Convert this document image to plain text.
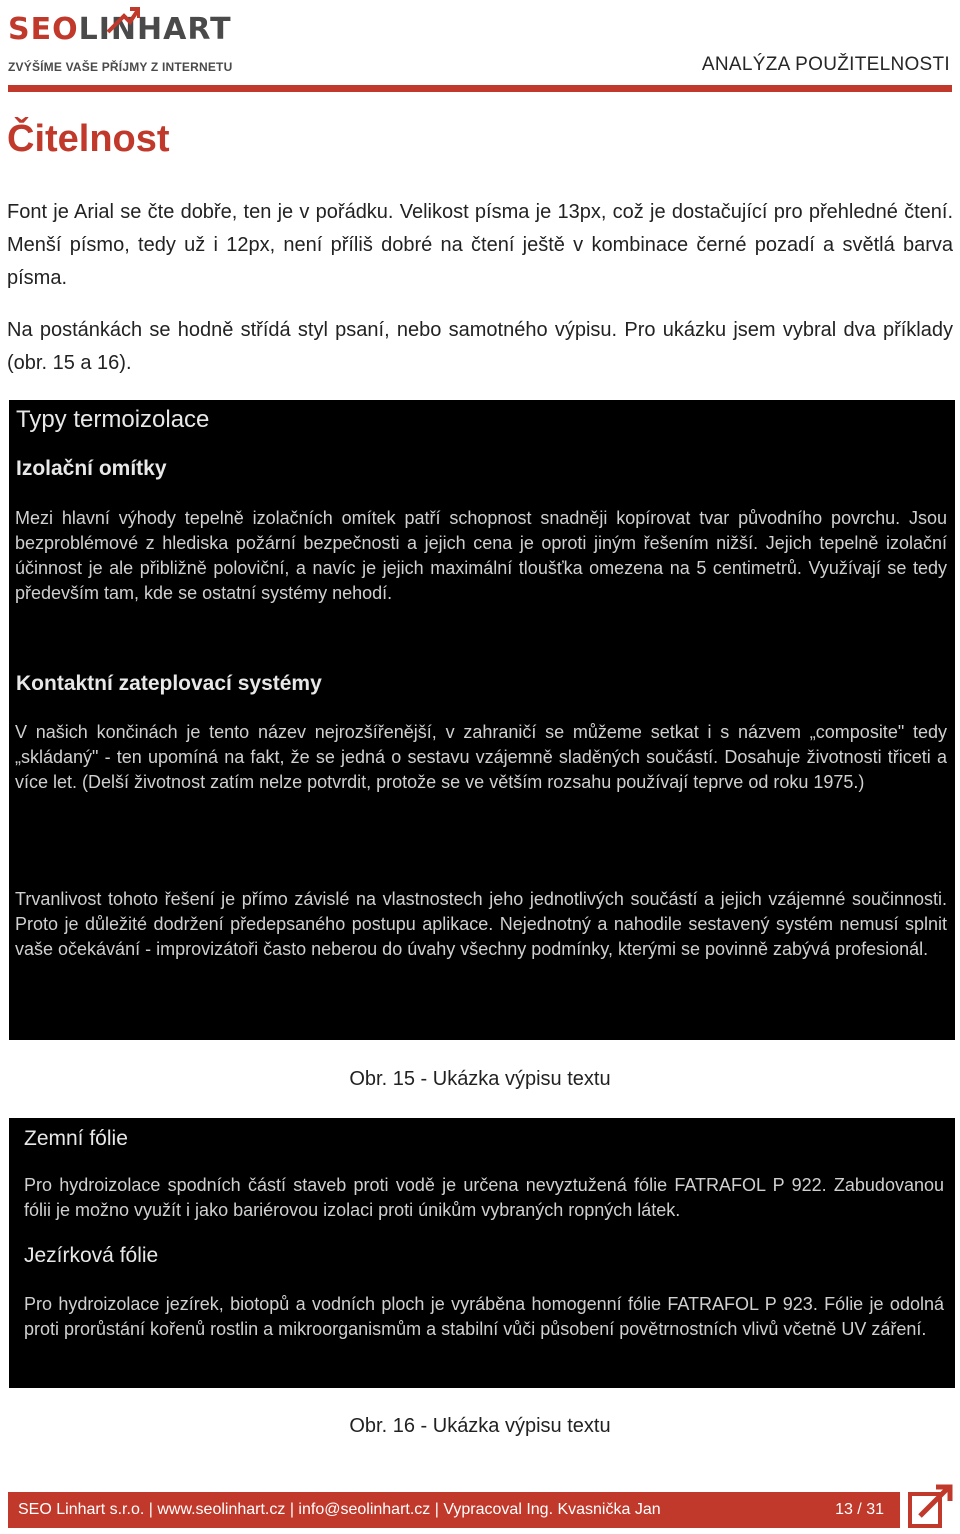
SEOLINHART
ZVÝŠÍME VAŠE PŘÍJMY Z INTERNETU	ANALÝZA POUŽITELNOSTI
Čitelnost

Font je Arial se čte dobře, ten je v pořádku. Velikost písma je 13px, což je dostačující pro přehledné čtení. Menší písmo, tedy už i 12px, není příliš dobré na čtení ještě v kombinace černé pozadí a světlá barva písma.

Na postánkách se hodně střídá styl psaní, nebo samotného výpisu. Pro ukázku jsem vybral dva příklady (obr. 15 a 16).

Typy termoizolace
Izolační omítky

Mezi hlavní výhody tepelně izolačních omítek patří schopnost snadněji kopírovat tvar původního povrchu. Jsou bezproblémové z hlediska požární bezpečnosti a jejich cena je oproti jiným řešením nižší. Jejich tepelně izolační účinnost je ale přibližně poloviční, a navíc je jejich maximální tloušťka omezena na 5 centimetrů. Využívají se tedy především tam, kde se ostatní systémy nehodí.

Kontaktní zateplovací systémy

V našich končinách je tento název nejrozšířenější, v zahraničí se můžeme setkat i s názvem „composite" tedy „skládaný" - ten upomíná na fakt, že se jedná o sestavu vzájemně sladěných součástí. Dosahuje životnosti třiceti a více let. (Delší životnost zatím nelze potvrdit, protože se ve větším rozsahu používají teprve od roku 1975.)

Trvanlivost tohoto řešení je přímo závislé na vlastnostech jeho jednotlivých součástí a jejich vzájemné součinnosti. Proto je důležité dodržení předepsaného postupu aplikace. Nejednotný a nahodile sestavený systém nemusí splnit vaše očekávání - improvizátoři často neberou do úvahy všechny podmínky, kterými se povinně zabývá profesionál.

Obr. 15 - Ukázka výpisu textu
Zemní fólie

Pro hydroizolace spodních částí staveb proti vodě je určena nevyztužená fólie FATRAFOL P 922. Zabudovanou fólii je možno využít i jako bariérovou izolaci proti únikům vybraných ropných látek.

Jezírková fólie

Pro hydroizolace jezírek, biotopů a vodních ploch je vyráběna homogenní fólie FATRAFOL P 923. Fólie je odolná proti prorůstání kořenů rostlin a mikroorganismům a stabilní vůči působení povětrnostních vlivů včetně UV záření.

Obr. 16 - Ukázka výpisu textu
SEO Linhart s.r.o. | www.seolinhart.cz | info@seolinhart.cz | Vypracoval Ing. Kvasnička Jan	13 / 31
